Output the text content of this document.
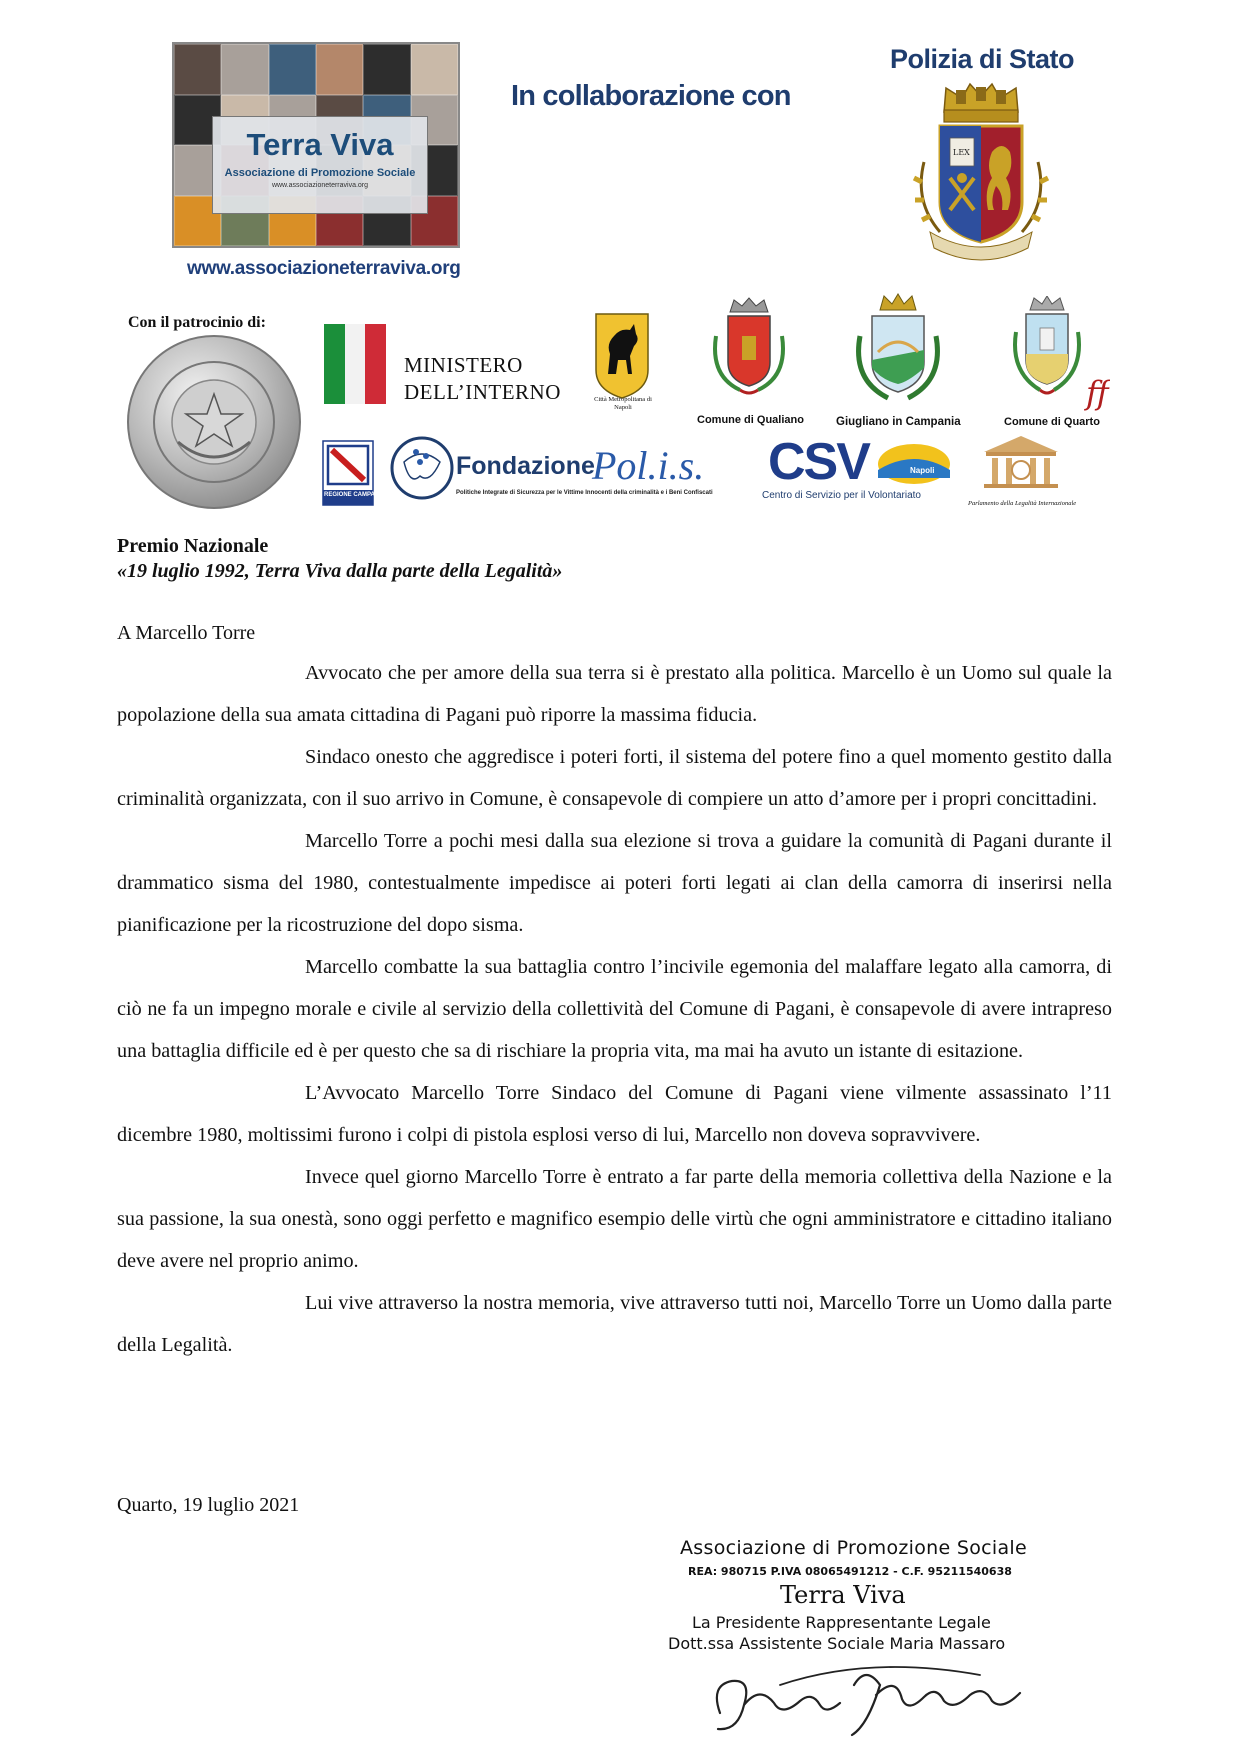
Terra Viva
Associazione di Promozione Sociale
www.associazioneterraviva.org
www.associazioneterraviva.org
In collaborazione con
Polizia di Stato
LEX
Con il patrocinio di:
MINISTERO
DELL’INTERNO	Città Metropolitana di Napoli
Comune di Qualiano	Giugliano in Campania
ff
Comune di Quarto
REGIONE CAMPANIA
Fondazione
Pol.i.s.
Politiche Integrate di Sicurezza per le Vittime Innocenti della criminalità e i Beni Confiscati
CSV	Napoli
Centro di Servizio per il Volontariato
Parlamento della Legalità Internazionale
Premio Nazionale
«19 luglio 1992, Terra Viva dalla parte della Legalità»
A Marcello Torre

Avvocato che per amore della sua terra si è prestato alla politica. Marcello è un Uomo sul quale la popolazione della sua amata cittadina di Pagani può riporre la massima fiducia.

Sindaco onesto che aggredisce i poteri forti, il sistema del potere fino a quel momento gestito dalla criminalità organizzata, con il suo arrivo in Comune, è consapevole di compiere un atto d’amore per i propri concittadini.

Marcello Torre a pochi mesi dalla sua elezione si trova a guidare la comunità di Pagani durante il drammatico sisma del 1980, contestualmente impedisce ai poteri forti legati ai clan della camorra di inserirsi nella pianificazione per la ricostruzione del dopo sisma.

Marcello combatte la sua battaglia contro l’incivile egemonia del malaffare legato alla camorra, di ciò ne fa un impegno morale e civile al servizio della collettività del Comune di Pagani, è consapevole di avere intrapreso una battaglia difficile ed è per questo che sa di rischiare la propria vita, ma mai ha avuto un istante di esitazione.

L’Avvocato Marcello Torre Sindaco del Comune di Pagani viene vilmente assassinato l’11 dicembre 1980, moltissimi furono i colpi di pistola esplosi verso di lui, Marcello non doveva sopravvivere.

Invece quel giorno Marcello Torre è entrato a far parte della memoria collettiva della Nazione e la sua passione, la sua onestà, sono oggi perfetto e magnifico esempio delle virtù che ogni amministratore e cittadino italiano deve avere nel proprio animo.

Lui vive attraverso la nostra memoria, vive attraverso tutti noi, Marcello Torre un Uomo dalla parte della Legalità.

Quarto, 19 luglio 2021
Associazione di Promozione Sociale
REA: 980715 P.IVA 08065491212 - C.F. 95211540638
Terra Viva
La Presidente Rappresentante Legale
Dott.ssa Assistente Sociale Maria Massaro
